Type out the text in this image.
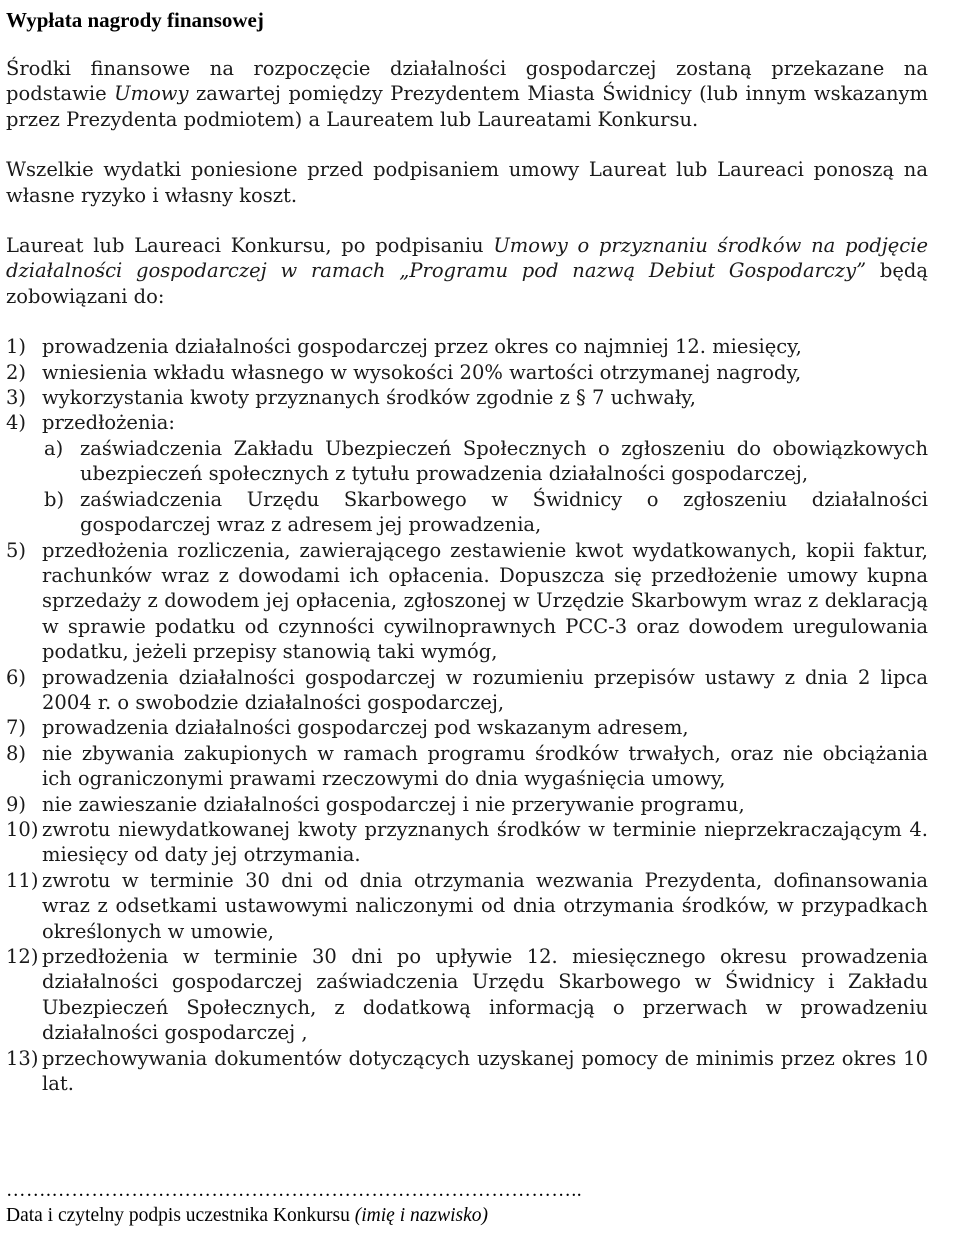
Wypłata nagrody finansowej

Środki finansowe na rozpoczęcie działalności gospodarczej zostaną przekazane na podstawie Umowy zawartej pomiędzy Prezydentem Miasta Świdnicy (lub innym wskazanym przez Prezydenta podmiotem) a Laureatem lub Laureatami Konkursu.

Wszelkie wydatki poniesione przed podpisaniem umowy Laureat lub Laureaci ponoszą na własne ryzyko i własny koszt.

Laureat lub Laureaci Konkursu, po podpisaniu Umowy o przyznaniu środków na podjęcie działalności gospodarczej w ramach „Programu pod nazwą Debiut Gospodarczy” będą zobowiązani do:

1) prowadzenia działalności gospodarczej przez okres co najmniej 12. miesięcy,
2) wniesienia wkładu własnego w wysokości 20% wartości otrzymanej nagrody,
3) wykorzystania kwoty przyznanych środków zgodnie z § 7 uchwały,
4) przedłożenia:
a) zaświadczenia Zakładu Ubezpieczeń Społecznych o zgłoszeniu do obowiązkowych ubezpieczeń społecznych z tytułu prowadzenia działalności gospodarczej,
b) zaświadczenia Urzędu Skarbowego w Świdnicy o zgłoszeniu działalności gospodarczej wraz z adresem jej prowadzenia,
5) przedłożenia rozliczenia, zawierającego zestawienie kwot wydatkowanych, kopii faktur, rachunków wraz z dowodami ich opłacenia. Dopuszcza się przedłożenie umowy kupna sprzedaży z dowodem jej opłacenia, zgłoszonej w Urzędzie Skarbowym wraz z deklaracją w sprawie podatku od czynności cywilnoprawnych PCC-3 oraz dowodem uregulowania podatku, jeżeli przepisy stanowią taki wymóg,
6) prowadzenia działalności gospodarczej w rozumieniu przepisów ustawy z dnia 2 lipca 2004 r. o swobodzie działalności gospodarczej,
7) prowadzenia działalności gospodarczej pod wskazanym adresem,
8) nie zbywania zakupionych w ramach programu środków trwałych, oraz nie obciążania ich ograniczonymi prawami rzeczowymi do dnia wygaśnięcia umowy,
9) nie zawieszanie działalności gospodarczej i nie przerywanie programu,
10) zwrotu niewydatkowanej kwoty przyznanych środków w terminie nieprzekraczającym 4. miesięcy od daty jej otrzymania.
11) zwrotu w terminie 30 dni od dnia otrzymania wezwania Prezydenta, dofinansowania wraz z odsetkami ustawowymi naliczonymi od dnia otrzymania środków, w przypadkach określonych w umowie,
12) przedłożenia w terminie 30 dni po upływie 12. miesięcznego okresu prowadzenia działalności gospodarczej zaświadczenia Urzędu Skarbowego w Świdnicy i Zakładu Ubezpieczeń Społecznych, z dodatkową informacją o przerwach w prowadzeniu działalności gospodarczej ,
13) przechowywania dokumentów dotyczących uzyskanej pomocy de minimis przez okres 10 lat.
…….……………………………………………………………………..
Data i czytelny podpis uczestnika Konkursu (imię i nazwisko)
